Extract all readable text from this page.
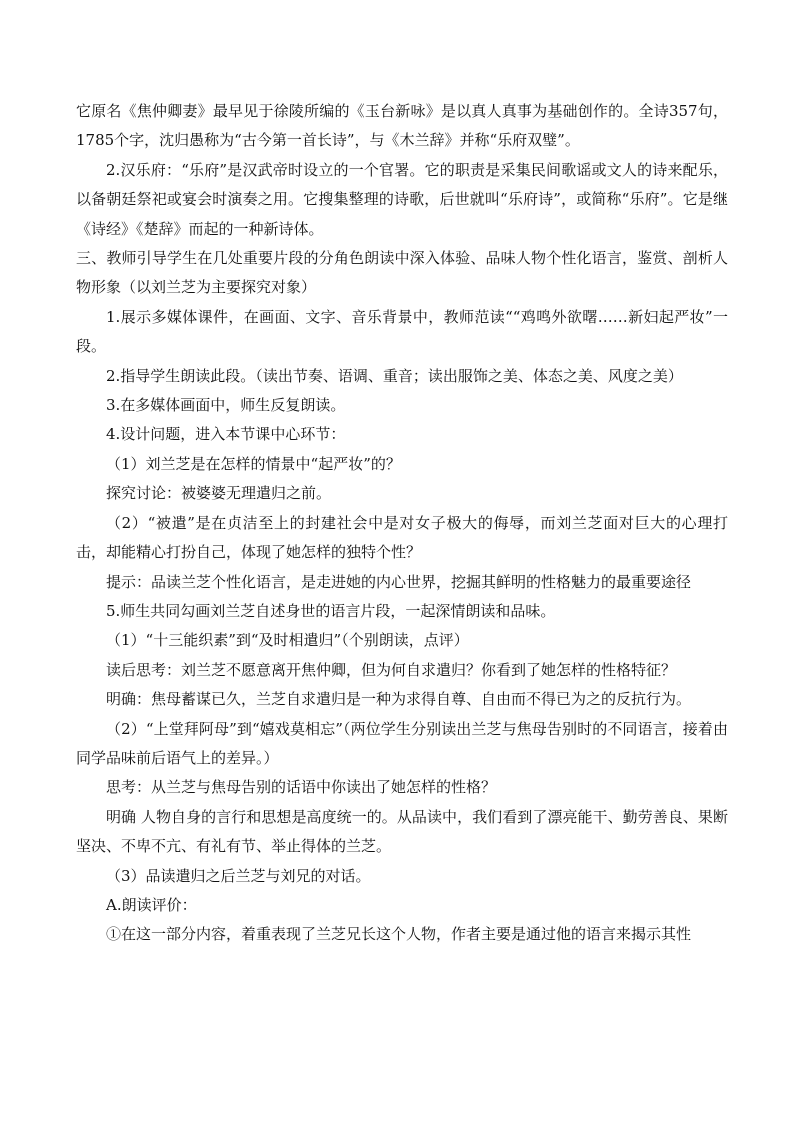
它原名《焦仲卿妻》最早见于徐陵所编的《玉台新咏》是以真人真事为基础创作的。全诗357句，1785个字，沈归愚称为“古今第一首长诗”，与《木兰辞》并称“乐府双璧”。

2.汉乐府：“乐府”是汉武帝时设立的一个官署。它的职责是采集民间歌谣或文人的诗来配乐，以备朝廷祭祀或宴会时演奏之用。它搜集整理的诗歌，后世就叫“乐府诗”，或简称“乐府”。它是继《诗经》《楚辞》而起的一种新诗体。

三、教师引导学生在几处重要片段的分角色朗读中深入体验、品味人物个性化语言，鉴赏、剖析人物形象（以刘兰芝为主要探究对象）

1.展示多媒体课件，在画面、文字、音乐背景中，教师范读““鸡鸣外欲曙……新妇起严妆”一段。

2.指导学生朗读此段。（读出节奏、语调、重音；读出服饰之美、体态之美、风度之美）

3.在多媒体画面中，师生反复朗读。

4.设计问题，进入本节课中心环节：

（1）刘兰芝是在怎样的情景中“起严妆”的？

探究讨论：被婆婆无理遣归之前。

（2）“被遣”是在贞洁至上的封建社会中是对女子极大的侮辱，而刘兰芝面对巨大的心理打击，却能精心打扮自己，体现了她怎样的独特个性？

提示：品读兰芝个性化语言，是走进她的内心世界，挖掘其鲜明的性格魅力的最重要途径

5.师生共同勾画刘兰芝自述身世的语言片段，一起深情朗读和品味。

（1）“十三能织素”到“及时相遣归”（个别朗读，点评）

读后思考：刘兰芝不愿意离开焦仲卿，但为何自求遣归？你看到了她怎样的性格特征？

明确：焦母蓄谋已久，兰芝自求遣归是一种为求得自尊、自由而不得已为之的反抗行为。

（2）“上堂拜阿母”到“嬉戏莫相忘”（两位学生分别读出兰芝与焦母告别时的不同语言，接着由同学品味前后语气上的差异。）

思考：从兰芝与焦母告别的话语中你读出了她怎样的性格？

明确 人物自身的言行和思想是高度统一的。从品读中，我们看到了漂亮能干、勤劳善良、果断坚决、不卑不亢、有礼有节、举止得体的兰芝。

（3）品读遣归之后兰芝与刘兄的对话。

A.朗读评价：

①在这一部分内容，着重表现了兰芝兄长这个人物，作者主要是通过他的语言来揭示其性
